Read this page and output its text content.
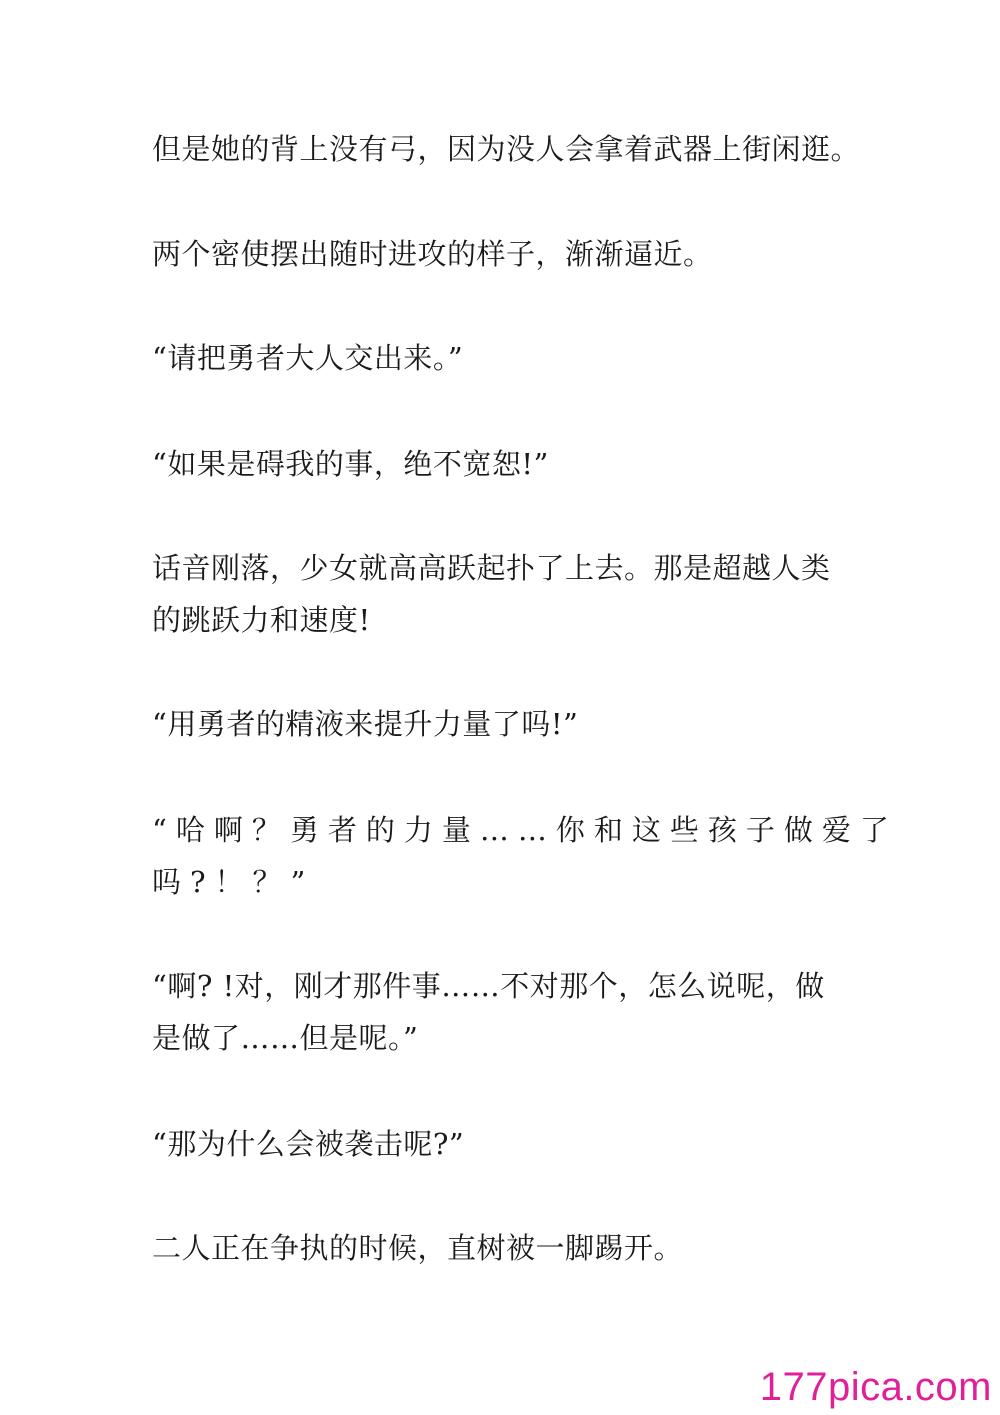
但是她的背上没有弓，因为没人会拿着武器上街闲逛。

两个密使摆出随时进攻的样子，渐渐逼近。

“请把勇者大人交出来。”

“如果是碍我的事，绝不宽恕!”

话音刚落，少女就高高跃起扑了上去。那是超越人类
的跳跃力和速度!

“用勇者的精液来提升力量了吗!”

“哈啊？勇者的力量……你和这些孩子做爱了
吗?！？”

“啊? !对，刚才那件事……不对那个，怎么说呢，做
是做了……但是呢。”

“那为什么会被袭击呢?”

二人正在争执的时候，直树被一脚踢开。

177pica.com
